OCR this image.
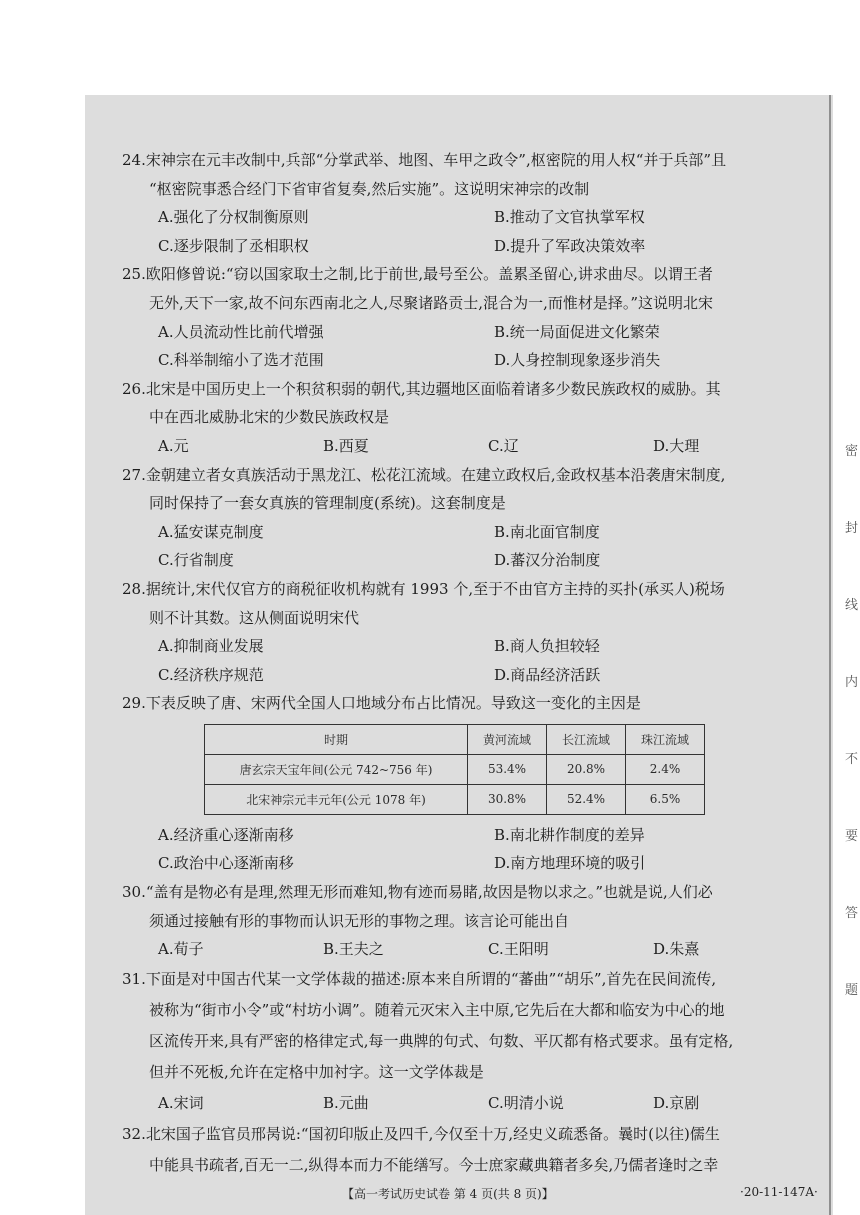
密
封
线
内
不
要
答
题
24.宋神宗在元丰改制中,兵部“分掌武举、地图、车甲之政令”,枢密院的用人权“并于兵部”且
“枢密院事悉合经门下省审省复奏,然后实施”。这说明宋神宗的改制
A.强化了分权制衡原则	B.推动了文官执掌军权
C.逐步限制了丞相职权	D.提升了军政决策效率
25.欧阳修曾说:“窃以国家取士之制,比于前世,最号至公。盖累圣留心,讲求曲尽。以谓王者
无外,天下一家,故不问东西南北之人,尽聚诸路贡士,混合为一,而惟材是择。”这说明北宋
A.人员流动性比前代增强	B.统一局面促进文化繁荣
C.科举制缩小了选才范围	D.人身控制现象逐步消失
26.北宋是中国历史上一个积贫积弱的朝代,其边疆地区面临着诸多少数民族政权的威胁。其
中在西北威胁北宋的少数民族政权是
A.元	B.西夏	C.辽	D.大理
27.金朝建立者女真族活动于黑龙江、松花江流域。在建立政权后,金政权基本沿袭唐宋制度,
同时保持了一套女真族的管理制度(系统)。这套制度是
A.猛安谋克制度	B.南北面官制度
C.行省制度	D.蕃汉分治制度
28.据统计,宋代仅官方的商税征收机构就有 1993 个,至于不由官方主持的买扑(承买人)税场
则不计其数。这从侧面说明宋代
A.抑制商业发展	B.商人负担较轻
C.经济秩序规范	D.商品经济活跃
29.下表反映了唐、宋两代全国人口地域分布占比情况。导致这一变化的主因是
时期	黄河流域	长江流域	珠江流域
唐玄宗天宝年间(公元 742~756 年)	53.4%	20.8%	2.4%
北宋神宗元丰元年(公元 1078 年)	30.8%	52.4%	6.5%
A.经济重心逐渐南移	B.南北耕作制度的差异
C.政治中心逐渐南移	D.南方地理环境的吸引
30.“盖有是物必有是理,然理无形而难知,物有迹而易睹,故因是物以求之。”也就是说,人们必
须通过接触有形的事物而认识无形的事物之理。该言论可能出自
A.荀子	B.王夫之	C.王阳明	D.朱熹
31.下面是对中国古代某一文学体裁的描述:原本来自所谓的“蕃曲”“胡乐”,首先在民间流传,
被称为“街市小令”或“村坊小调”。随着元灭宋入主中原,它先后在大都和临安为中心的地
区流传开来,具有严密的格律定式,每一典牌的句式、句数、平仄都有格式要求。虽有定格,
但并不死板,允许在定格中加衬字。这一文学体裁是
A.宋词	B.元曲	C.明清小说	D.京剧
32.北宋国子监官员邢昺说:“国初印版止及四千,今仅至十万,经史义疏悉备。曩时(以往)儒生
中能具书疏者,百无一二,纵得本而力不能缮写。今士庶家藏典籍者多矣,乃儒者逢时之幸
【高一考试历史试卷 第 4 页(共 8 页)】	·20-11-147A·
